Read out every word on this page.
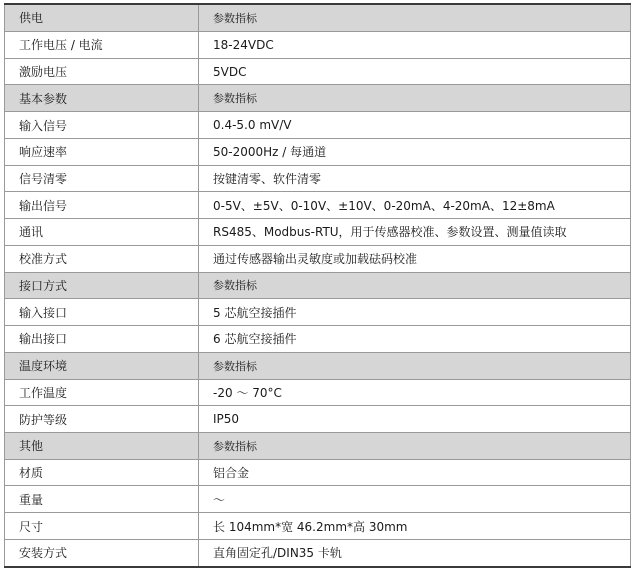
供电	参数指标
工作电压 / 电流	18-24VDC
激励电压	5VDC
基本参数	参数指标
输入信号	0.4-5.0 mV/V
响应速率	50-2000Hz / 每通道
信号清零	按键清零、软件清零
输出信号	0-5V、±5V、0-10V、±10V、0-20mA、4-20mA、12±8mA
通讯	RS485、Modbus-RTU，用于传感器校准、参数设置、测量值读取
校准方式	通过传感器输出灵敏度或加载砝码校准
接口方式	参数指标
输入接口	5 芯航空接插件
输出接口	6 芯航空接插件
温度环境	参数指标
工作温度	-20 ～ 70°C
防护等级	IP50
其他	参数指标
材质	铝合金
重量	～
尺寸	长 104mm*宽 46.2mm*高 30mm
安装方式	直角固定孔/DIN35 卡轨
